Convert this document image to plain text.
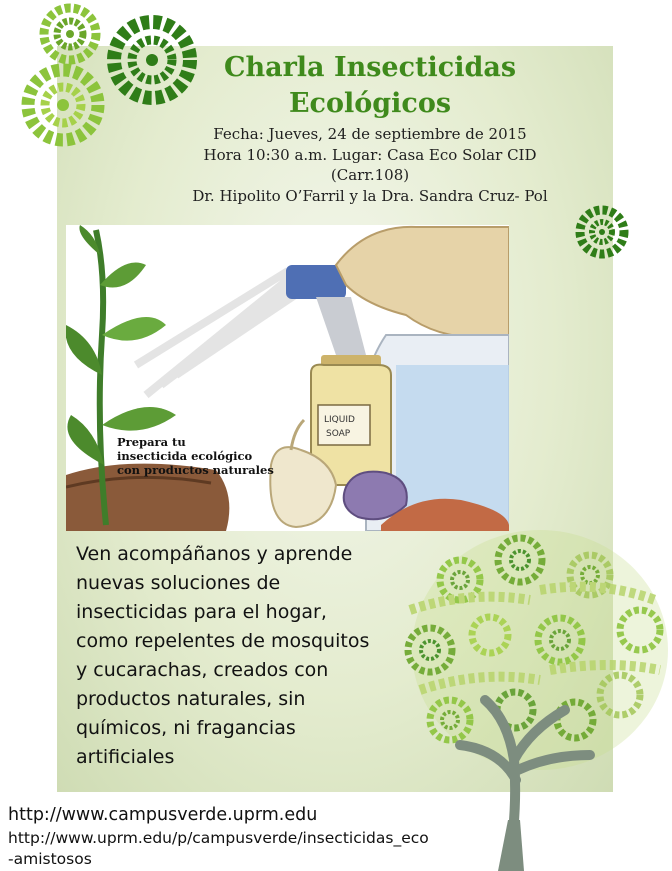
Charla Insecticidas
Ecológicos
Fecha: Jueves, 24 de septiembre de 2015
Hora 10:30 a.m. Lugar: Casa Eco Solar CID
(Carr.108)
Dr. Hipolito O’Farril y la Dra. Sandra Cruz- Pol
LIQUID
SOAP
Prepara tu
insecticida ecológico
con productos naturales
Ven acompáñanos y aprende
nuevas soluciones de
insecticidas para el hogar,
como repelentes de mosquitos
y cucarachas, creados con
productos naturales, sin
químicos, ni fragancias
artificiales
http://www.campusverde.uprm.edu
http://www.uprm.edu/p/campusverde/insecticidas_eco
-amistosos
